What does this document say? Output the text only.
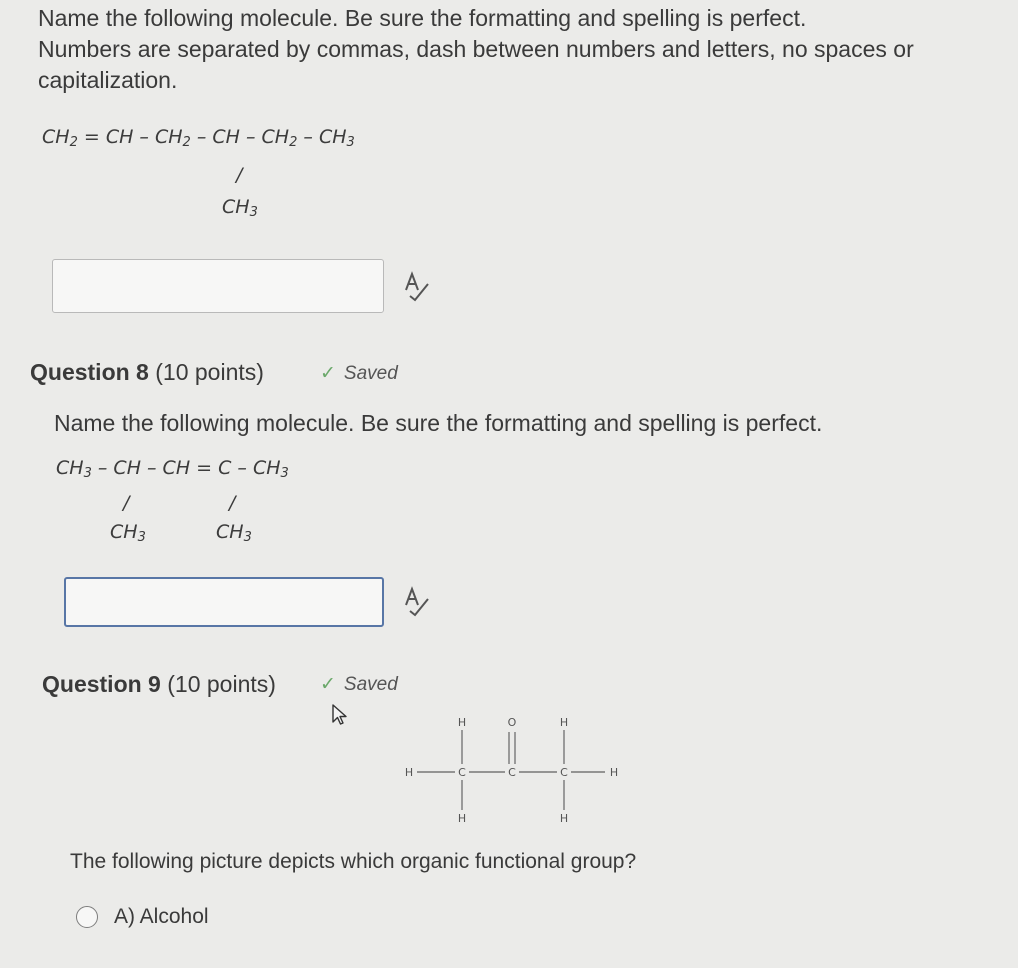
Name the following molecule. Be sure the formatting and spelling is perfect.
Numbers are separated by commas, dash between numbers and letters, no spaces or
capitalization.
$CH_2$ = CH – $CH_2$ – CH – $CH_2 - CH_3$
/
$CH_3$
Question 8 (10 points)	✓ Saved
Name the following molecule. Be sure the formatting and spelling is perfect.
$CH_3$ – CH – CH = C – $CH_3$
/	/
$CH_3$	$CH_3$
Question 9 (10 points) ✓ Saved
H	O	H
H	C	C	C	H
H	H
The following picture depicts which organic functional group?
A) Alcohol
